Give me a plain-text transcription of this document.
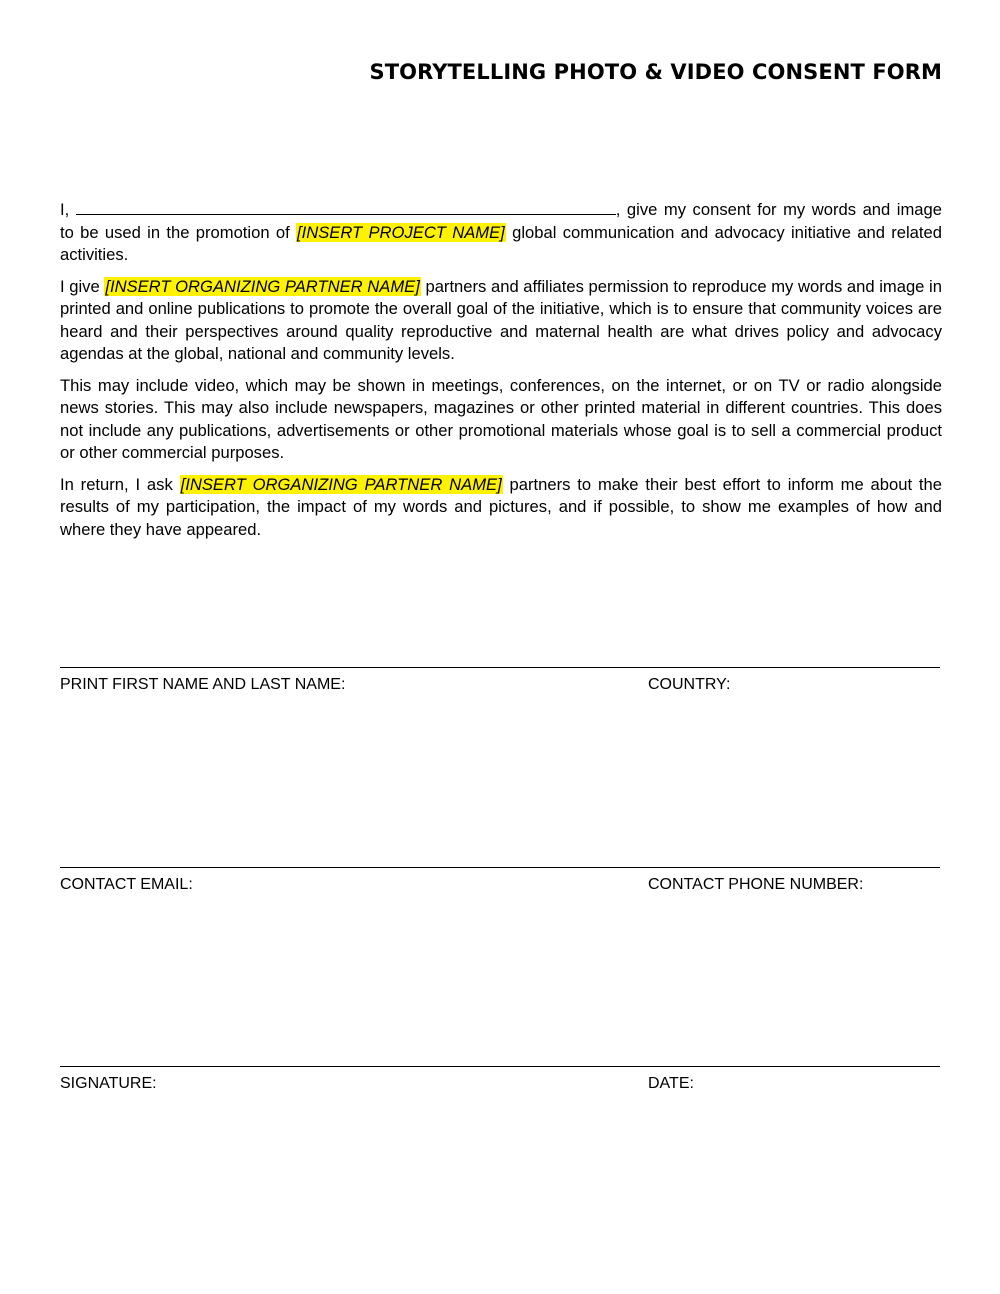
STORYTELLING PHOTO & VIDEO CONSENT FORM

I,	, give my consent for my words and image to be used in the promotion of [INSERT PROJECT NAME] global communication and advocacy initiative and related activities.

I give [INSERT ORGANIZING PARTNER NAME] partners and affiliates permission to reproduce my words and image in printed and online publications to promote the overall goal of the initiative, which is to ensure that community voices are heard and their perspectives around quality reproductive and maternal health are what drives policy and advocacy agendas at the global, national and community levels.

This may include video, which may be shown in meetings, conferences, on the internet, or on TV or radio alongside news stories. This may also include newspapers, magazines or other printed material in different countries. This does not include any publications, advertisements or other promotional materials whose goal is to sell a commercial product or other commercial purposes.

In return, I ask [INSERT ORGANIZING PARTNER NAME] partners to make their best effort to inform me about the results of my participation, the impact of my words and pictures, and if possible, to show me examples of how and where they have appeared.

PRINT FIRST NAME AND LAST NAME:	COUNTRY:
CONTACT EMAIL:	CONTACT PHONE NUMBER:
SIGNATURE:	DATE:
